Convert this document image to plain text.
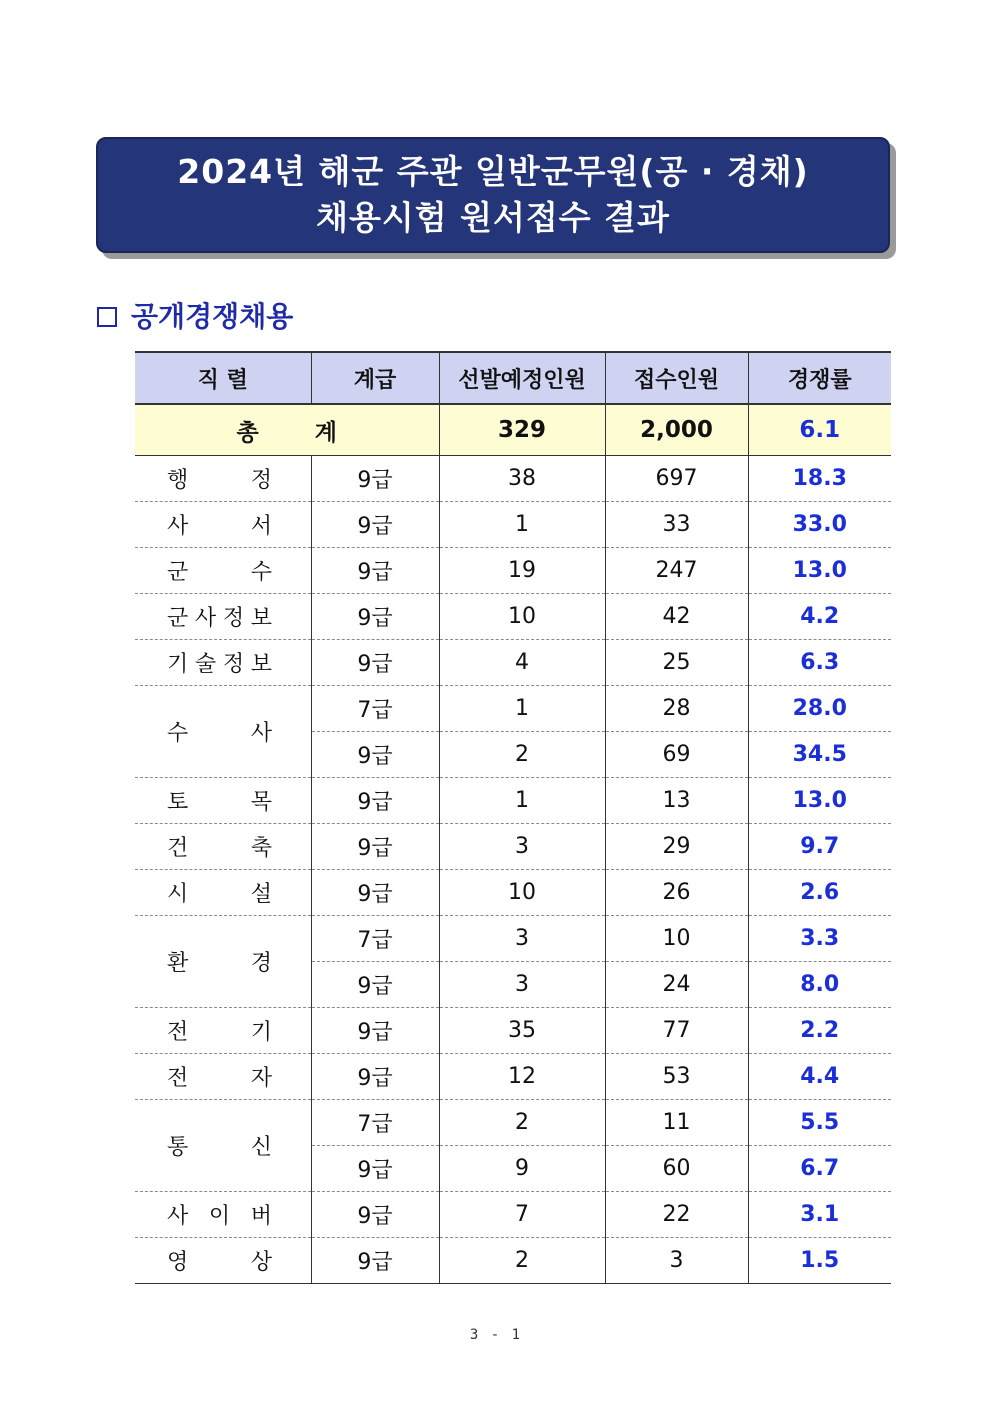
2024년 해군 주관 일반군무원(공 · 경채)
채용시험 원서접수 결과
공개경쟁채용
직 렬	계급	선발예정인원	접수인원	경쟁률
총 계		329	2,000	6.1

행 정	9급	38	697	18.3

사 서	9급	1	33	33.0

군 수	9급	19	247	13.0

군 사 정 보	9급	10	42	4.2

기 술 정 보	9급	4	25	6.3

수 사	7급	1	28	28.0
	9급	2	69	34.5

토 목	9급	1	13	13.0

건 축	9급	3	29	9.7

시 설	9급	10	26	2.6

환 경	7급	3	10	3.3
	9급	3	24	8.0

전 기	9급	35	77	2.2

전 자	9급	12	53	4.4

통 신	7급	2	11	5.5
	9급	9	60	6.7

사 이 버	9급	7	22	3.1

영 상	9급	2	3	1.5
3 - 1
